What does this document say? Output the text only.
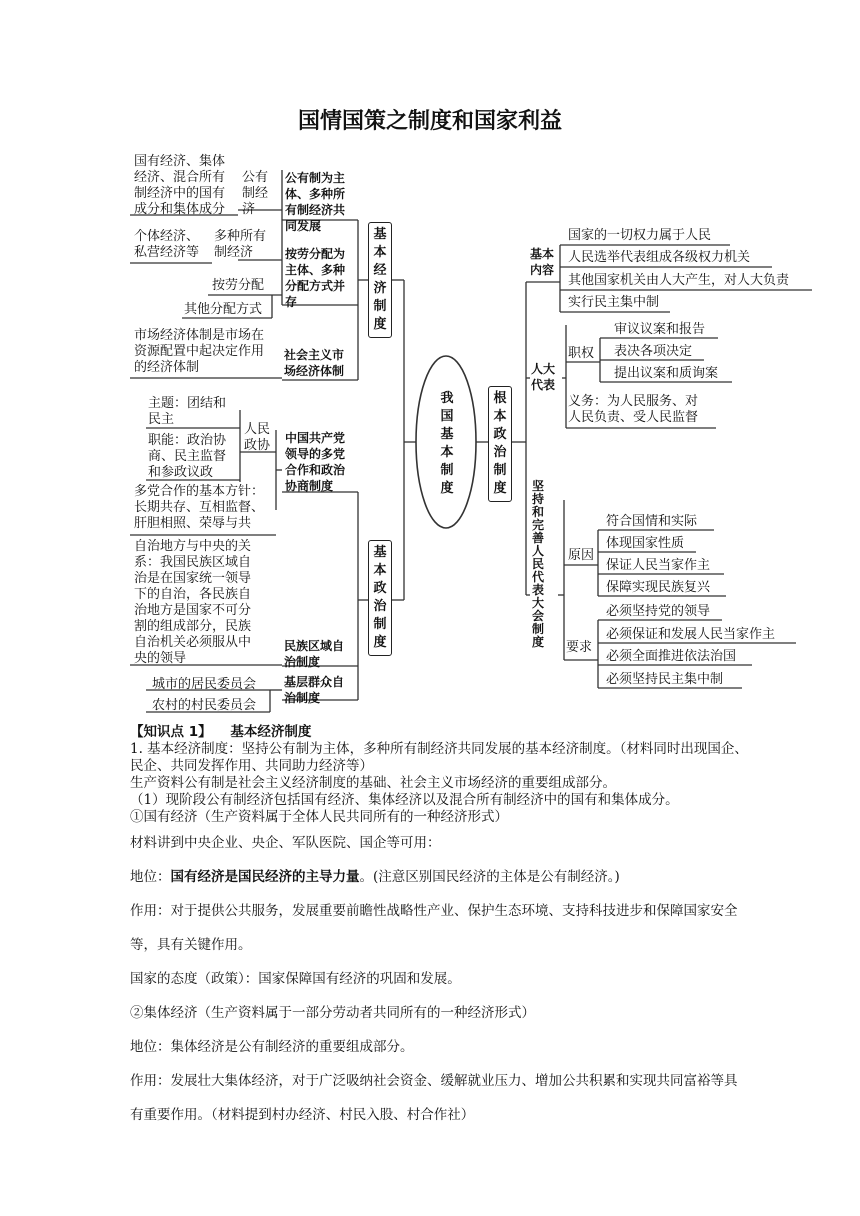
国情国策之制度和国家利益
国有经济、集体
经济、混合所有
制经济中的国有
成分和集体成分
公有
制经
济
个体经济、
私营经济等
多种所有
制经济
公有制为主
体、多种所
有制经济共
同发展
按劳分配为
主体、多种
分配方式并
存
按劳分配
其他分配方式
市场经济体制是市场在
资源配置中起决定作用
的经济体制
社会主义市
场经济体制
基
本
经
济
制
度
主题：团结和
民主
人民
政协
职能：政治协
商、民主监督
和参政议政
中国共产党
领导的多党
合作和政治
协商制度
多党合作的基本方针：
长期共存、互相监督、
肝胆相照、荣辱与共
自治地方与中央的关
系：我国民族区域自
治是在国家统一领导
下的自治，各民族自
治地方是国家不可分
割的组成部分，民族
自治机关必须服从中
央的领导
民族区域自
治制度
城市的居民委员会	基层群众自
治制度
农村的村民委员会
基
本
政
治
制
度
我
国
基
本
制
度
根
本
政
治
制
度
基本
内容
国家的一切权力属于人民
人民选举代表组成各级权力机关
其他国家机关由人大产生，对人大负责
实行民主集中制
人大
代表
职权
审议议案和报告
表决各项决定
提出议案和质询案
义务：为人民服务、对
人民负责、受人民监督
坚
持
和
完
善
人
民
代
表
大
会
制
度
原因
符合国情和实际
体现国家性质
保证人民当家作主
保障实现民族复兴
要求
必须坚持党的领导
必须保证和发展人民当家作主
必须全面推进依法治国
必须坚持民主集中制

【知识点 1】 基本经济制度

1. 基本经济制度：坚持公有制为主体，多种所有制经济共同发展的基本经济制度。（材料同时出现国企、民企、共同发挥作用、共同助力经济等）

生产资料公有制是社会主义经济制度的基础、社会主义市场经济的重要组成部分。

（1）现阶段公有制经济包括国有经济、集体经济以及混合所有制经济中的国有和集体成分。

①国有经济（生产资料属于全体人民共同所有的一种经济形式）

材料讲到中央企业、央企、军队医院、国企等可用：

地位：国有经济是国民经济的主导力量。(注意区别国民经济的主体是公有制经济。)

作用：对于提供公共服务，发展重要前瞻性战略性产业、保护生态环境、支持科技进步和保障国家安全等，具有关键作用。

国家的态度（政策）：国家保障国有经济的巩固和发展。

②集体经济（生产资料属于一部分劳动者共同所有的一种经济形式）

地位：集体经济是公有制经济的重要组成部分。

作用：发展壮大集体经济，对于广泛吸纳社会资金、缓解就业压力、增加公共积累和实现共同富裕等具有重要作用。（材料提到村办经济、村民入股、村合作社）
